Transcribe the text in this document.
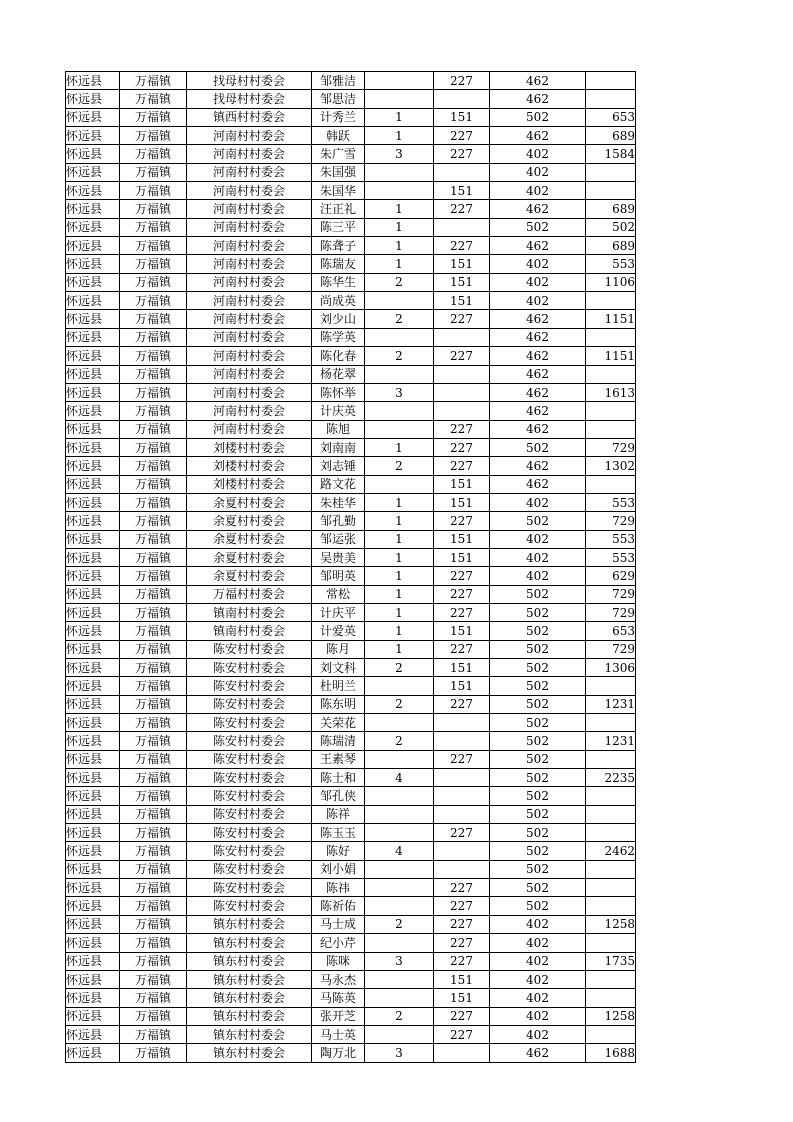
怀远县	万福镇	找母村村委会	邹雅洁		227	462	
怀远县	万福镇	找母村村委会	邹思洁			462	
怀远县	万福镇	镇西村村委会	计秀兰	1	151	502	653
怀远县	万福镇	河南村村委会	韩跃	1	227	462	689
怀远县	万福镇	河南村村委会	朱广雪	3	227	402	1584
怀远县	万福镇	河南村村委会	朱国强			402	
怀远县	万福镇	河南村村委会	朱国华		151	402	
怀远县	万福镇	河南村村委会	汪正礼	1	227	462	689
怀远县	万福镇	河南村村委会	陈三平	1		502	502
怀远县	万福镇	河南村村委会	陈聋子	1	227	462	689
怀远县	万福镇	河南村村委会	陈瑞友	1	151	402	553
怀远县	万福镇	河南村村委会	陈华生	2	151	402	1106
怀远县	万福镇	河南村村委会	尚成英		151	402	
怀远县	万福镇	河南村村委会	刘少山	2	227	462	1151
怀远县	万福镇	河南村村委会	陈学英			462	
怀远县	万福镇	河南村村委会	陈化春	2	227	462	1151
怀远县	万福镇	河南村村委会	杨花翠			462	
怀远县	万福镇	河南村村委会	陈怀举	3		462	1613
怀远县	万福镇	河南村村委会	计庆英			462	
怀远县	万福镇	河南村村委会	陈旭		227	462	
怀远县	万福镇	刘楼村村委会	刘南南	1	227	502	729
怀远县	万福镇	刘楼村村委会	刘志锤	2	227	462	1302
怀远县	万福镇	刘楼村村委会	路文花		151	462	
怀远县	万福镇	余夏村村委会	朱桂华	1	151	402	553
怀远县	万福镇	余夏村村委会	邹孔勤	1	227	502	729
怀远县	万福镇	余夏村村委会	邹运张	1	151	402	553
怀远县	万福镇	余夏村村委会	吴贵美	1	151	402	553
怀远县	万福镇	余夏村村委会	邹明英	1	227	402	629
怀远县	万福镇	万福村村委会	常松	1	227	502	729
怀远县	万福镇	镇南村村委会	计庆平	1	227	502	729
怀远县	万福镇	镇南村村委会	计爱英	1	151	502	653
怀远县	万福镇	陈安村村委会	陈月	1	227	502	729
怀远县	万福镇	陈安村村委会	刘文科	2	151	502	1306
怀远县	万福镇	陈安村村委会	杜明兰		151	502	
怀远县	万福镇	陈安村村委会	陈东明	2	227	502	1231
怀远县	万福镇	陈安村村委会	关荣花			502	
怀远县	万福镇	陈安村村委会	陈瑞清	2		502	1231
怀远县	万福镇	陈安村村委会	王素琴		227	502	
怀远县	万福镇	陈安村村委会	陈士和	4		502	2235
怀远县	万福镇	陈安村村委会	邹孔侠			502	
怀远县	万福镇	陈安村村委会	陈祥			502	
怀远县	万福镇	陈安村村委会	陈玉玉		227	502	
怀远县	万福镇	陈安村村委会	陈好	4		502	2462
怀远县	万福镇	陈安村村委会	刘小娟			502	
怀远县	万福镇	陈安村村委会	陈祎		227	502	
怀远县	万福镇	陈安村村委会	陈祈佑		227	502	
怀远县	万福镇	镇东村村委会	马士成	2	227	402	1258
怀远县	万福镇	镇东村村委会	纪小芹		227	402	
怀远县	万福镇	镇东村村委会	陈咪	3	227	402	1735
怀远县	万福镇	镇东村村委会	马永杰		151	402	
怀远县	万福镇	镇东村村委会	马陈英		151	402	
怀远县	万福镇	镇东村村委会	张开芝	2	227	402	1258
怀远县	万福镇	镇东村村委会	马士英		227	402	
怀远县	万福镇	镇东村村委会	陶万北	3		462	1688
